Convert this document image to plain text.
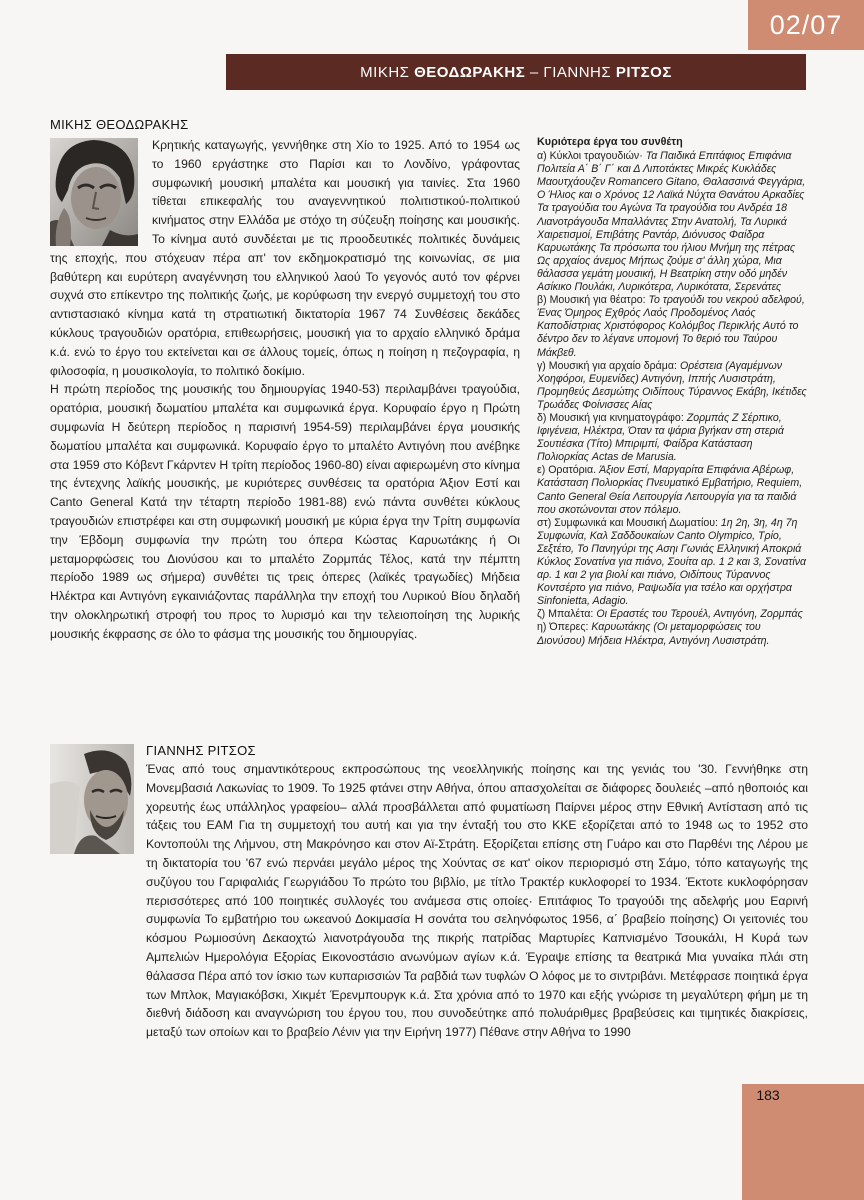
02/07
ΜΙΚΗΣ ΘΕΟΔΩΡΑΚΗΣ – ΓΙΑΝΝΗΣ ΡΙΤΣΟΣ
ΜΙΚΗΣ ΘΕΟΔΩΡΑΚΗΣ

Κρητικής καταγωγής, γεννήθηκε στη Χίο το 1925. Από το 1954 ως το 1960 εργάστηκε στο Παρίσι και το Λονδίνο, γράφοντας συμφωνική μουσική μπαλέτα και μουσική για ταινίες. Στα 1960 τίθεται επικεφαλής του αναγεννητικού πολιτιστικού-πολιτικού κινήματος στην Ελλάδα με στόχο τη σύζευξη ποίησης και μουσικής. Το κίνημα αυτό συνδέεται με τις προοδευτικές πολιτικές δυνάμεις της εποχής, που στόχευαν πέρα απ' τον εκδημοκρατισμό της κοινωνίας, σε μια βαθύτερη και ευρύτερη αναγέννηση του ελληνικού λαού Το γεγονός αυτό τον φέρνει συχνά στο επίκεντρο της πολιτικής ζωής, με κορύφωση την ενεργό συμμετοχή του στο αντιστασιακό κίνημα κατά τη στρατιωτική δικτατορία 1967 74 Συνθέσεις δεκάδες κύκλους τραγουδιών ορατόρια, επιθεωρήσεις, μουσική για το αρχαίο ελληνικό δράμα κ.ά. ενώ το έργο του εκτείνεται και σε άλλους τομείς, όπως η ποίηση η πεζογραφία, η φιλοσοφία, η μουσικολογία, το πολιτικό δοκίμιο.

Η πρώτη περίοδος της μουσικής του δημιουργίας 1940-53) περιλαμβάνει τραγούδια, ορατόρια, μουσική δωματίου μπαλέτα και συμφωνικά έργα. Κορυφαίο έργο η Πρώτη συμφωνία Η δεύτερη περίοδος η παρισινή 1954-59) περιλαμβάνει έργα μουσικής δωματίου μπαλέτα και συμφωνικά. Κορυφαίο έργο το μπαλέτο Αντιγόνη που ανέβηκε στα 1959 στο Κόβεντ Γκάρντεν Η τρίτη περίοδος 1960-80) είναι αφιερωμένη στο κίνημα της έντεχνης λαϊκής μουσικής, με κυριότερες συνθέσεις τα ορατόρια Άξιον Εστί και Canto General Κατά την τέταρτη περίοδο 1981-88) ενώ πάντα συνθέτει κύκλους τραγουδιών επιστρέφει και στη συμφωνική μουσική με κύρια έργα την Τρίτη συμφωνία την Έβδομη συμφωνία την πρώτη του όπερα Κώστας Καρυωτάκης ή Οι μεταμορφώσεις του Διονύσου και το μπαλέτο Ζορμπάς Τέλος, κατά την πέμπτη περίοδο 1989 ως σήμερα) συνθέτει τις τρεις όπερες (λαϊκές τραγωδίες) Μήδεια Ηλέκτρα και Αντιγόνη εγκαινιάζοντας παράλληλα την εποχή του Λυρικού Βίου δηλαδή την ολοκληρωτική στροφή του προς το λυρισμό και την τελειοποίηση της λυρικής μουσικής έκφρασης σε όλο το φάσμα της μουσικής του δημιουργίας.

Κυριότερα έργα του συνθέτη

α) Κύκλοι τραγουδιών· Τα Παιδικά Επιτάφιος Επιφάνια Πολιτεία Α΄ Β΄ Γ΄ και Δ Λιποτάκτες Μικρές Κυκλάδες Μαουτχάουζεν Romancero Gitano, Θαλασσινά Φεγγάρια, Ο Ήλιος και ο Χρόνος 12 Λαϊκά Νύχτα Θανάτου Αρκαδίες Τα τραγούδια του Αγώνα Τα τραγούδια του Ανδρέα 18 Λιανοτράγουδα Μπαλλάντες Στην Ανατολή, Τα Λυρικά Χαιρετισμοί, Επιβάτης Ραντάρ, Διόνυσος Φαίδρα Καρυωτάκης Τα πρόσωπα του ήλιου Μνήμη της πέτρας Ως αρχαίος άνεμος Μήπως ζούμε σ' άλλη χώρα, Μια θάλασσα γεμάτη μουσική, Η Βεατρίκη στην οδό μηδέν Ασίκικο Πουλάκι, Λυρικότερα, Λυρικότατα, Σερενάτες

β) Μουσική για θέατρο: Το τραγούδι του νεκρού αδελφού, Ένας Όμηρος Εχθρός Λαός Προδομένος Λαός Καποδίστριας Χριστόφορος Κολόμβος Περικλής Αυτό το δέντρο δεν το λέγανε υπομονή Το θεριό του Ταύρου Μάκβεθ.

γ) Μουσική για αρχαίο δράμα: Ορέστεια (Αγαμέμνων Χοηφόροι, Ευμενίδες) Αντιγόνη, Ιππής Λυσιστράτη, Προμηθεύς Δεσμώτης Οιδίπους Τύραννος Εκάβη, Ικέτιδες Τρωάδες Φοίνισσες Αίας

δ) Μουσική για κινηματογράφο: Ζορμπάς Ζ Σέρπικο, Ιφιγένεια, Ηλέκτρα, Όταν τα ψάρια βγήκαν στη στεριά Σουτιέσκα (Τίτο) Μπιριμπί, Φαίδρα Κατάσταση Πολιορκίας Actas de Marusia.

ε) Ορατόρια. Άξιον Εστί, Μαργαρίτα Επιφάνια Αβέρωφ, Κατάσταση Πολιορκίας Πνευματικό Εμβατήριο, Requiem, Canto General Θεία Λειτουργία Λειτουργία για τα παιδιά που σκοτώνονται στον πόλεμο.

στ) Συμφωνικά και Μουσική Δωματίου: 1η 2η, 3η, 4η 7η Συμφωνία, Καλ Σαδδουκαίων Canto Olympico, Τρίο, Σεξτέτο, Το Πανηγύρι της Ασηι Γωνιάς Ελληνική Αποκριά Κύκλος Σονατίνα για πιάνο, Σουίτα αρ. 1 2 και 3, Σονατίνα αρ. 1 και 2 για βιολί και πιάνο, Οιδίπους Τύραννος Κοντσέρτο για πιάνο, Ραψωδία για τσέλο και ορχήστρα Sinfonietta, Adagio.

ζ) Μπαλέτα: Οι Εραστές του Τερουέλ, Αντιγόνη, Ζορμπάς

η) Όπερες: Καρυωτάκης (Οι μεταμορφώσεις του Διονύσου) Μήδεια Ηλέκτρα, Αντιγόνη Λυσιστράτη.

ΓΙΑΝΝΗΣ ΡΙΤΣΟΣ

Ένας από τους σημαντικότερους εκπροσώπους της νεοελληνικής ποίησης και της γενιάς του '30. Γεννήθηκε στη Μονεμβασιά Λακωνίας το 1909. Το 1925 φτάνει στην Αθήνα, όπου απασχολείται σε διάφορες δουλειές –από ηθοποιός και χορευτής έως υπάλληλος γραφείου– αλλά προσβάλλεται από φυματίωση Παίρνει μέρος στην Εθνική Αντίσταση από τις τάξεις του ΕΑΜ Για τη συμμετοχή του αυτή και για την ένταξή του στο ΚΚΕ εξορίζεται από το 1948 ως το 1952 στο Κοντοπούλι της Λήμνου, στη Μακρόνησο και στον Αϊ-Στράτη. Εξορίζεται επίσης στη Γυάρο και στο Παρθένι της Λέρου με τη δικτατορία του '67 ενώ περνάει μεγάλο μέρος της Χούντας σε κατ' οίκον περιορισμό στη Σάμο, τόπο καταγωγής της συζύγου του Γαριφαλιάς Γεωργιάδου Το πρώτο του βιβλίο, με τίτλο Τρακτέρ κυκλοφορεί το 1934. Έκτοτε κυκλοφόρησαν περισσότερες από 100 ποιητικές συλλογές του ανάμεσα στις οποίες· Επιτάφιος Το τραγούδι της αδελφής μου Εαρινή συμφωνία Το εμβατήριο του ωκεανού Δοκιμασία Η σονάτα του σεληνόφωτος 1956, α΄ βραβείο ποίησης) Οι γειτονιές του κόσμου Ρωμιοσύνη Δεκαοχτώ λιανοτράγουδα της πικρής πατρίδας Μαρτυρίες Καπνισμένο Τσουκάλι, Η Κυρά των Αμπελιών Ημερολόγια Εξορίας Εικονοστάσιο ανωνύμων αγίων κ.ά. Έγραψε επίσης τα θεατρικά Μια γυναίκα πλάι στη θάλασσα Πέρα από τον ίσκιο των κυπαρισσιών Τα ραβδιά των τυφλών Ο λόφος με το σιντριβάνι. Μετέφρασε ποιητικά έργα των Μπλοκ, Μαγιακόβσκι, Χικμέτ Έρενμπουργκ κ.ά. Στα χρόνια από το 1970 και εξής γνώρισε τη μεγαλύτερη φήμη με τη διεθνή διάδοση και αναγνώριση του έργου του, που συνοδεύτηκε από πολυάριθμες βραβεύσεις και τιμητικές διακρίσεις, μεταξύ των οποίων και το βραβείο Λένιν για την Ειρήνη 1977) Πέθανε στην Αθήνα το 1990

183
